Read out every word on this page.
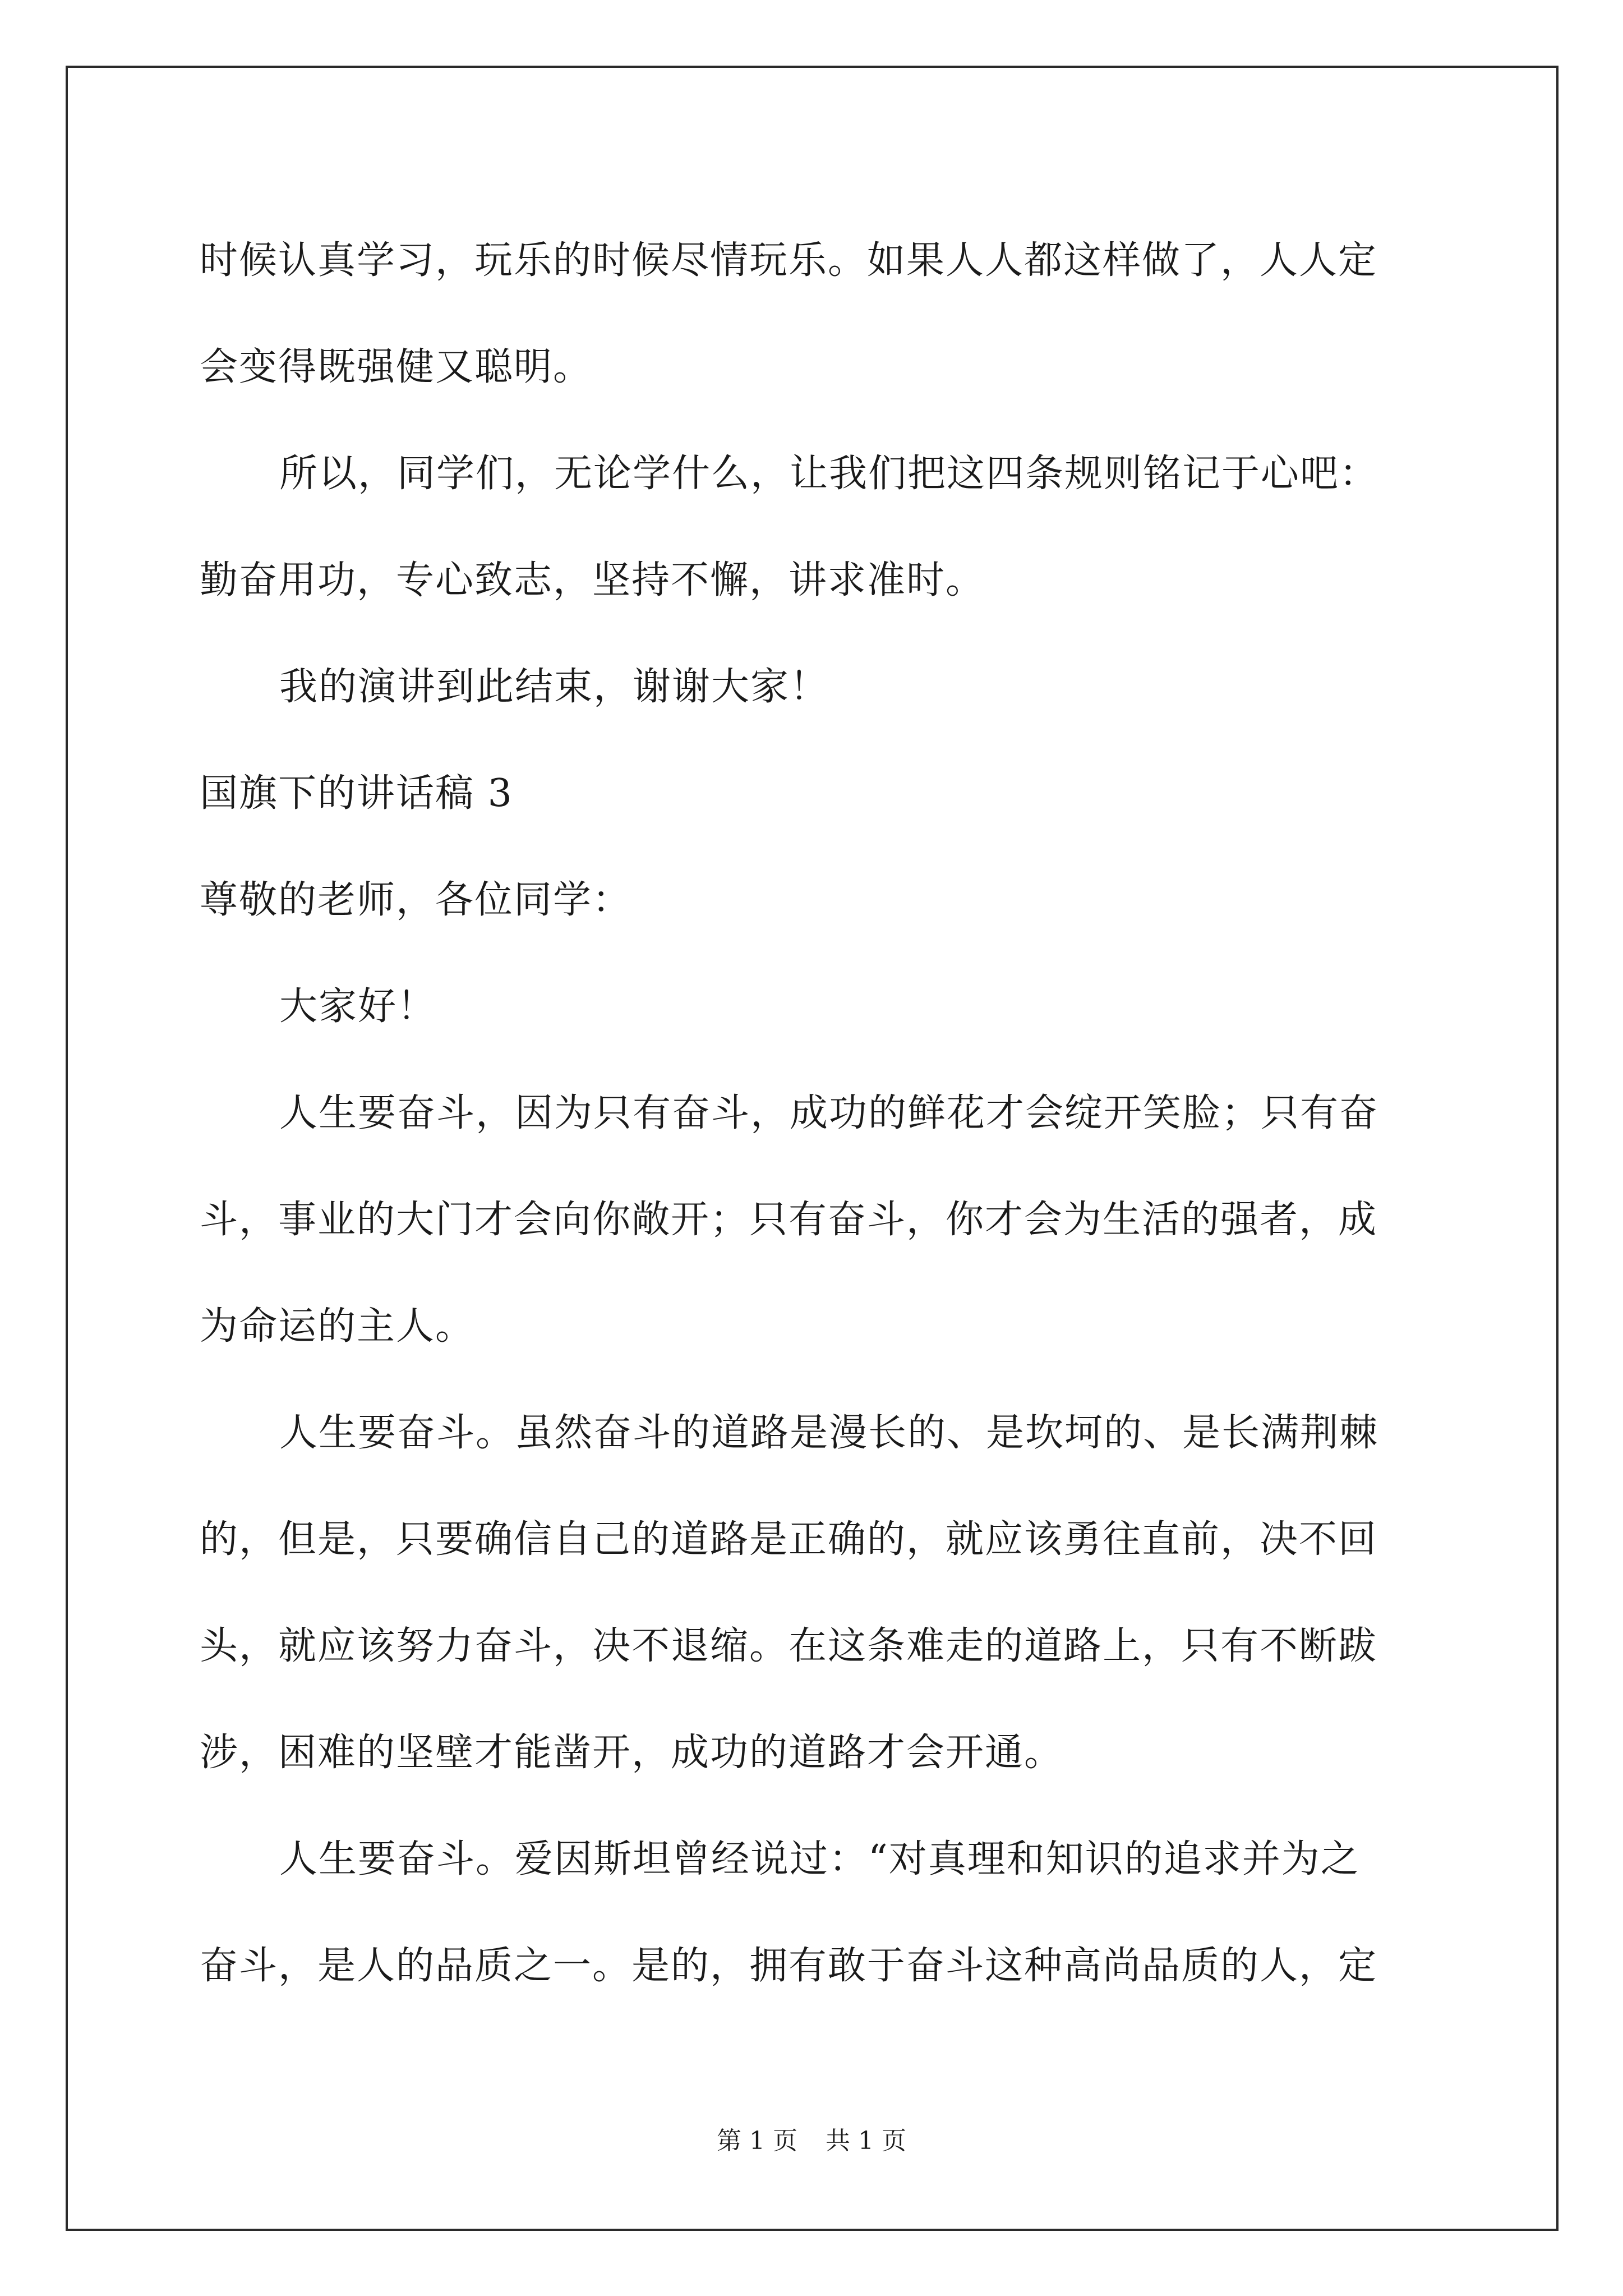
时候认真学习，玩乐的时候尽情玩乐。如果人人都这样做了，人人定
会变得既强健又聪明。
所以，同学们，无论学什么，让我们把这四条规则铭记于心吧：
勤奋用功，专心致志，坚持不懈，讲求准时。
我的演讲到此结束，谢谢大家！
国旗下的讲话稿 3
尊敬的老师，各位同学：
大家好！
人生要奋斗，因为只有奋斗，成功的鲜花才会绽开笑脸；只有奋
斗，事业的大门才会向你敞开；只有奋斗，你才会为生活的强者，成
为命运的主人。
人生要奋斗。虽然奋斗的道路是漫长的、是坎坷的、是长满荆棘
的，但是，只要确信自己的道路是正确的，就应该勇往直前，决不回
头，就应该努力奋斗，决不退缩。在这条难走的道路上，只有不断跋
涉，困难的坚壁才能凿开，成功的道路才会开通。
人生要奋斗。爱因斯坦曾经说过：“对真理和知识的追求并为之
奋斗，是人的品质之一。是的，拥有敢于奋斗这种高尚品质的人，定
第 1 页 共 1 页
